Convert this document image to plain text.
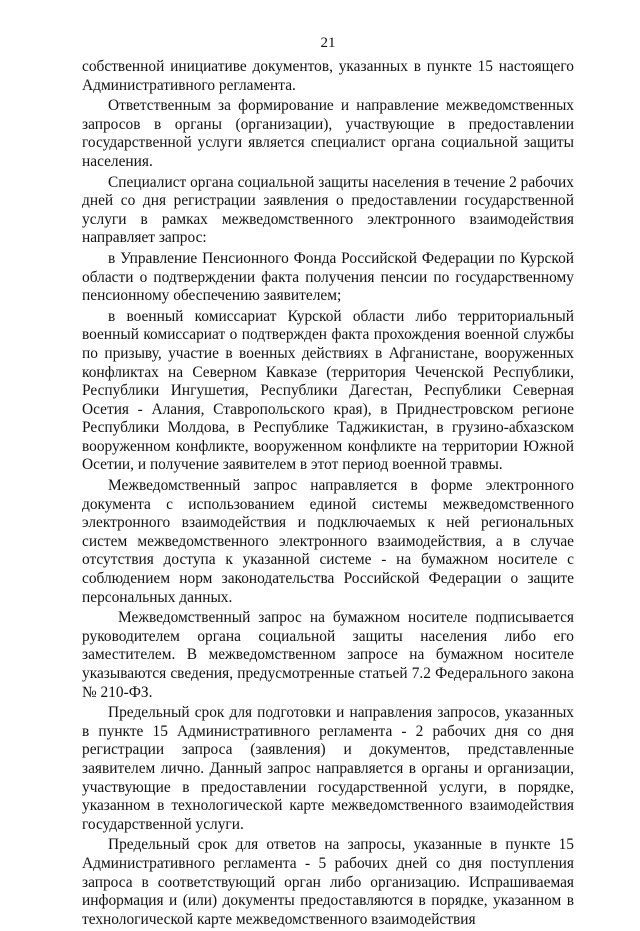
21

собственной инициативе документов, указанных в пункте 15 настоящего Административного регламента.

Ответственным за формирование и направление межведомственных запросов в органы (организации), участвующие в предоставлении государственной услуги является специалист органа социальной защиты населения.

Специалист органа социальной защиты населения в течение 2 рабочих дней со дня регистрации заявления о предоставлении государственной услуги в рамках межведомственного электронного взаимодействия направляет запрос:

в Управление Пенсионного Фонда Российской Федерации по Курской области о подтверждении факта получения пенсии по государственному пенсионному обеспечению заявителем;

в военный комиссариат Курской области либо территориальный военный комиссариат о подтвержден факта прохождения военной службы по призыву, участие в военных действиях в Афганистане, вооруженных конфликтах на Северном Кавказе (территория Чеченской Республики, Республики Ингушетия, Республики Дагестан, Республики Северная Осетия - Алания, Ставропольского края), в Приднестровском регионе Республики Молдова, в Республике Таджикистан, в грузино-абхазском вооруженном конфликте, вооруженном конфликте на территории Южной Осетии, и получение заявителем в этот период военной травмы.

Межведомственный запрос направляется в форме электронного документа с использованием единой системы межведомственного электронного взаимодействия и подключаемых к ней региональных систем межведомственного электронного взаимодействия, а в случае отсутствия доступа к указанной системе - на бумажном носителе с соблюдением норм законодательства Российской Федерации о защите персональных данных.

Межведомственный запрос на бумажном носителе подписывается руководителем органа социальной защиты населения либо его заместителем. В межведомственном запросе на бумажном носителе указываются сведения, предусмотренные статьей 7.2 Федерального закона № 210-ФЗ.

Предельный срок для подготовки и направления запросов, указанных в пункте 15 Административного регламента - 2 рабочих дня со дня регистрации запроса (заявления) и документов, представленные заявителем лично. Данный запрос направляется в органы и организации, участвующие в предоставлении государственной услуги, в порядке, указанном в технологической карте межведомственного взаимодействия государственной услуги.

Предельный срок для ответов на запросы, указанные в пункте 15 Административного регламента - 5 рабочих дней со дня поступления запроса в соответствующий орган либо организацию. Испрашиваемая информация и (или) документы предоставляются в порядке, указанном в технологической карте межведомственного взаимодействия
